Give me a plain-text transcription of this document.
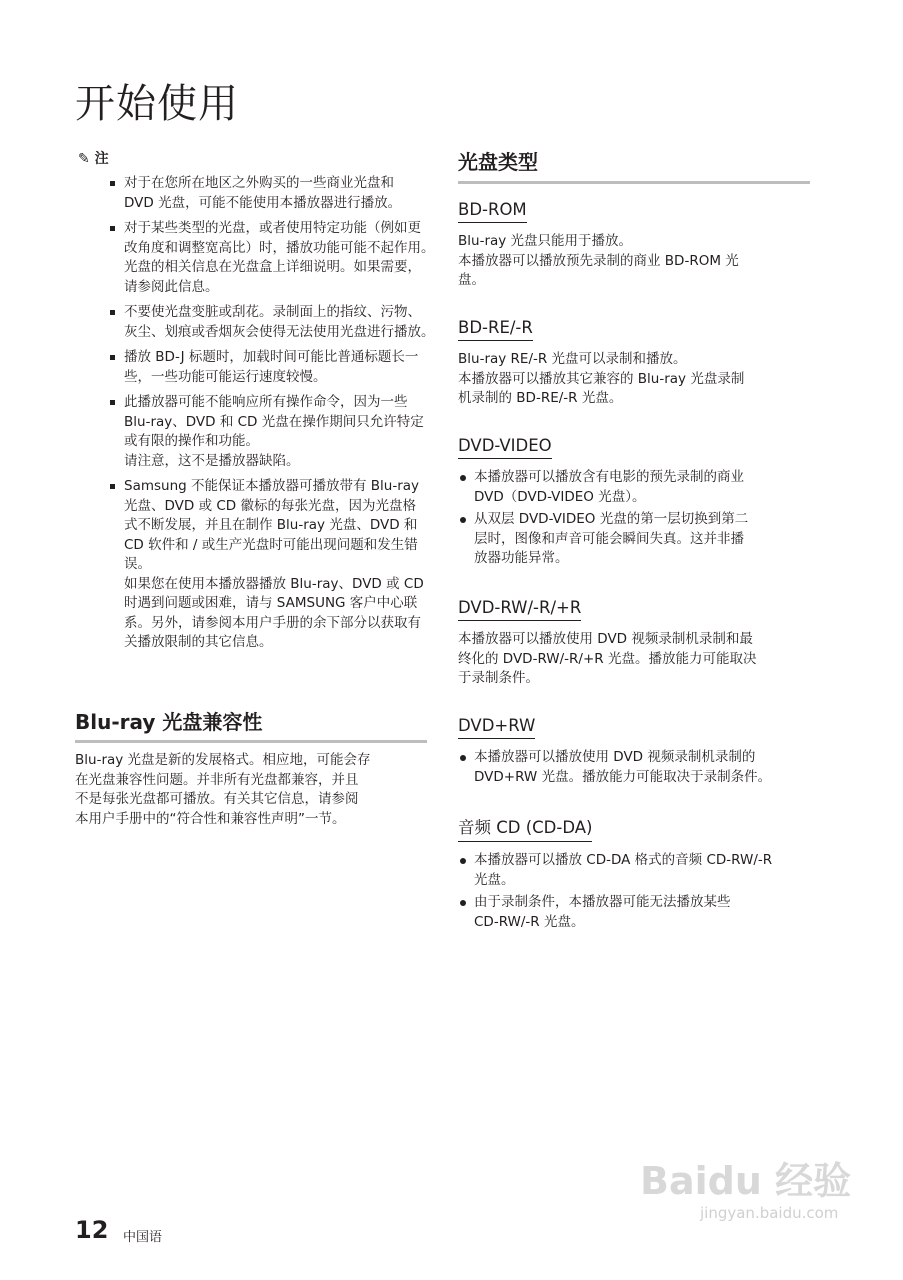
开始使用
✎ 注
对于在您所在地区之外购买的一些商业光盘和
DVD 光盘，可能不能使用本播放器进行播放。
对于某些类型的光盘，或者使用特定功能（例如更
改角度和调整宽高比）时，播放功能可能不起作用。
光盘的相关信息在光盘盒上详细说明。如果需要，
请参阅此信息。
不要使光盘变脏或刮花。录制面上的指纹、污物、
灰尘、划痕或香烟灰会使得无法使用光盘进行播放。
播放 BD-J 标题时，加载时间可能比普通标题长一
些，一些功能可能运行速度较慢。
此播放器可能不能响应所有操作命令，因为一些
Blu-ray、DVD 和 CD 光盘在操作期间只允许特定
或有限的操作和功能。
请注意，这不是播放器缺陷。
Samsung 不能保证本播放器可播放带有 Blu-ray
光盘、DVD 或 CD 徽标的每张光盘，因为光盘格
式不断发展，并且在制作 Blu-ray 光盘、DVD 和
CD 软件和 / 或生产光盘时可能出现问题和发生错
误。
如果您在使用本播放器播放 Blu-ray、DVD 或 CD
时遇到问题或困难，请与 SAMSUNG 客户中心联
系。另外，请参阅本用户手册的余下部分以获取有
关播放限制的其它信息。
Blu-ray 光盘兼容性
Blu-ray 光盘是新的发展格式。相应地，可能会存
在光盘兼容性问题。并非所有光盘都兼容，并且
不是每张光盘都可播放。有关其它信息，请参阅
本用户手册中的“符合性和兼容性声明”一节。
光盘类型
BD-ROM
Blu-ray 光盘只能用于播放。
本播放器可以播放预先录制的商业 BD-ROM 光
盘。
BD-RE/-R
Blu-ray RE/-R 光盘可以录制和播放。
本播放器可以播放其它兼容的 Blu-ray 光盘录制
机录制的 BD-RE/-R 光盘。
DVD-VIDEO
本播放器可以播放含有电影的预先录制的商业
DVD（DVD-VIDEO 光盘）。
从双层 DVD-VIDEO 光盘的第一层切换到第二
层时，图像和声音可能会瞬间失真。这并非播
放器功能异常。
DVD-RW/-R/+R
本播放器可以播放使用 DVD 视频录制机录制和最
终化的 DVD-RW/-R/+R 光盘。播放能力可能取决
于录制条件。
DVD+RW
本播放器可以播放使用 DVD 视频录制机录制的
DVD+RW 光盘。播放能力可能取决于录制条件。
音频 CD (CD-DA)
本播放器可以播放 CD-DA 格式的音频 CD-RW/-R
光盘。
由于录制条件，本播放器可能无法播放某些
CD-RW/-R 光盘。
Baidu 经验
jingyan.baidu.com
12 中国语
